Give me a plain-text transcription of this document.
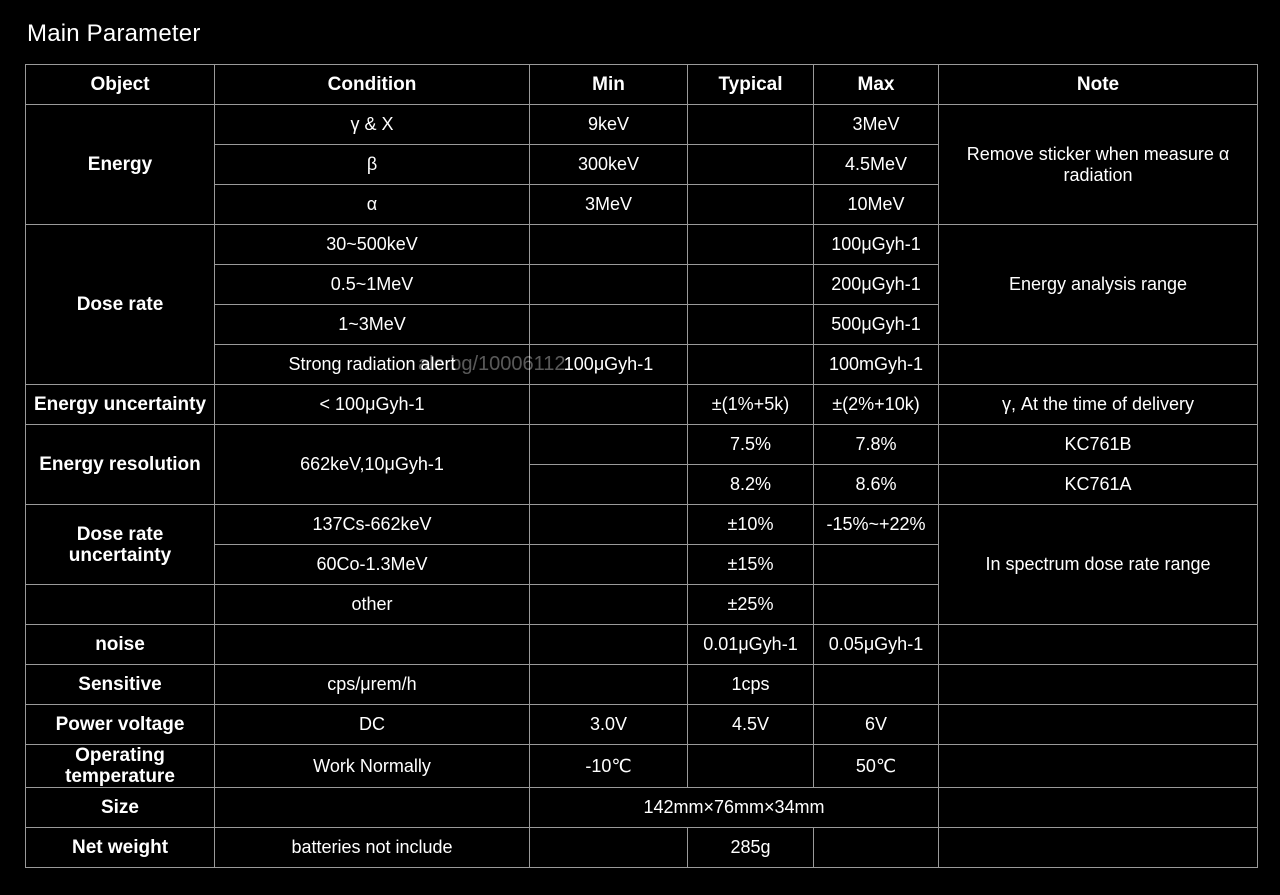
Main Parameter
Object	Condition	Min	Typical	Max	Note
Energy	γ & X	9keV		3MeV	Remove sticker when measure α radiation
	β	300keV		4.5MeV	
	α	3MeV		10MeV	
Dose rate	30~500keV			100μGyh-1	Energy analysis range
	0.5~1MeV			200μGyh-1	
	1~3MeV			500μGyh-1	
	Strong radiation alert	100μGyh-1		100mGyh-1	
Energy uncertainty	< 100μGyh-1		±(1%+5k)	±(2%+10k)	γ, At the time of delivery
Energy resolution	662keV,10μGyh-1		7.5%	7.8%	KC761B
			8.2%	8.6%	KC761A
Dose rate uncertainty	137Cs-662keV		±10%	-15%~+22%	In spectrum dose rate range
	60Co-1.3MeV		±15%		
	other		±25%		
noise			0.01μGyh-1	0.05μGyh-1	
Sensitive	cps/μrem/h		1cps		
Power voltage	DC	3.0V	4.5V	6V	
Operating temperature	Work Normally	-10℃		50℃	
Size		142mm×76mm×34mm			
Net weight	batteries not include		285g		
ale.bg/10006112
